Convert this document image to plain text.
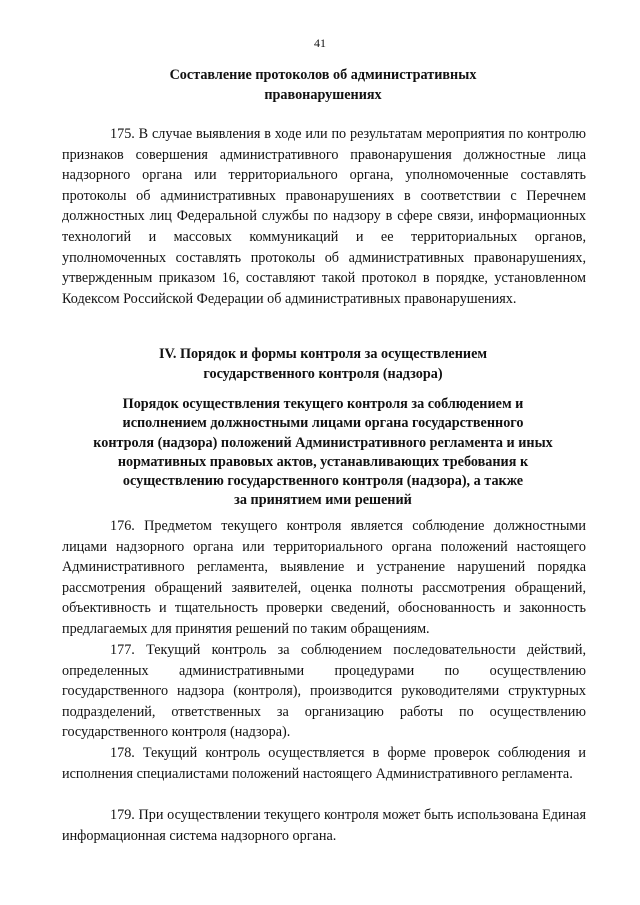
41
Составление протоколов об административных
правонарушениях

175. В случае выявления в ходе или по результатам мероприятия по контролю признаков совершения административного правонарушения должностные лица надзорного органа или территориального органа, уполномоченные составлять протоколы об административных правонарушениях в соответствии с Перечнем должностных лиц Федеральной службы по надзору в сфере связи, информационных технологий и массовых коммуникаций и ее территориальных органов, уполномоченных составлять протоколы об административных правонарушениях, утвержденным приказом 16, составляют такой протокол в порядке, установленном Кодексом Российской Федерации об административных правонарушениях.

IV. Порядок и формы контроля за осуществлением
государственного контроля (надзора)
Порядок осуществления текущего контроля за соблюдением и
исполнением должностными лицами органа государственного
контроля (надзора) положений Административного регламента и иных
нормативных правовых актов, устанавливающих требования к
осуществлению государственного контроля (надзора), а также
за принятием ими решений

176. Предметом текущего контроля является соблюдение должностными лицами надзорного органа или территориального органа положений настоящего Административного регламента, выявление и устранение нарушений порядка рассмотрения обращений заявителей, оценка полноты рассмотрения обращений, объективность и тщательность проверки сведений, обоснованность и законность предлагаемых для принятия решений по таким обращениям.

177. Текущий контроль за соблюдением последовательности действий, определенных административными процедурами по осуществлению государственного надзора (контроля), производится руководителями структурных подразделений, ответственных за организацию работы по осуществлению государственного контроля (надзора).

178. Текущий контроль осуществляется в форме проверок соблюдения и исполнения специалистами положений настоящего Административного регламента.

179. При осуществлении текущего контроля может быть использована Единая информационная система надзорного органа.
